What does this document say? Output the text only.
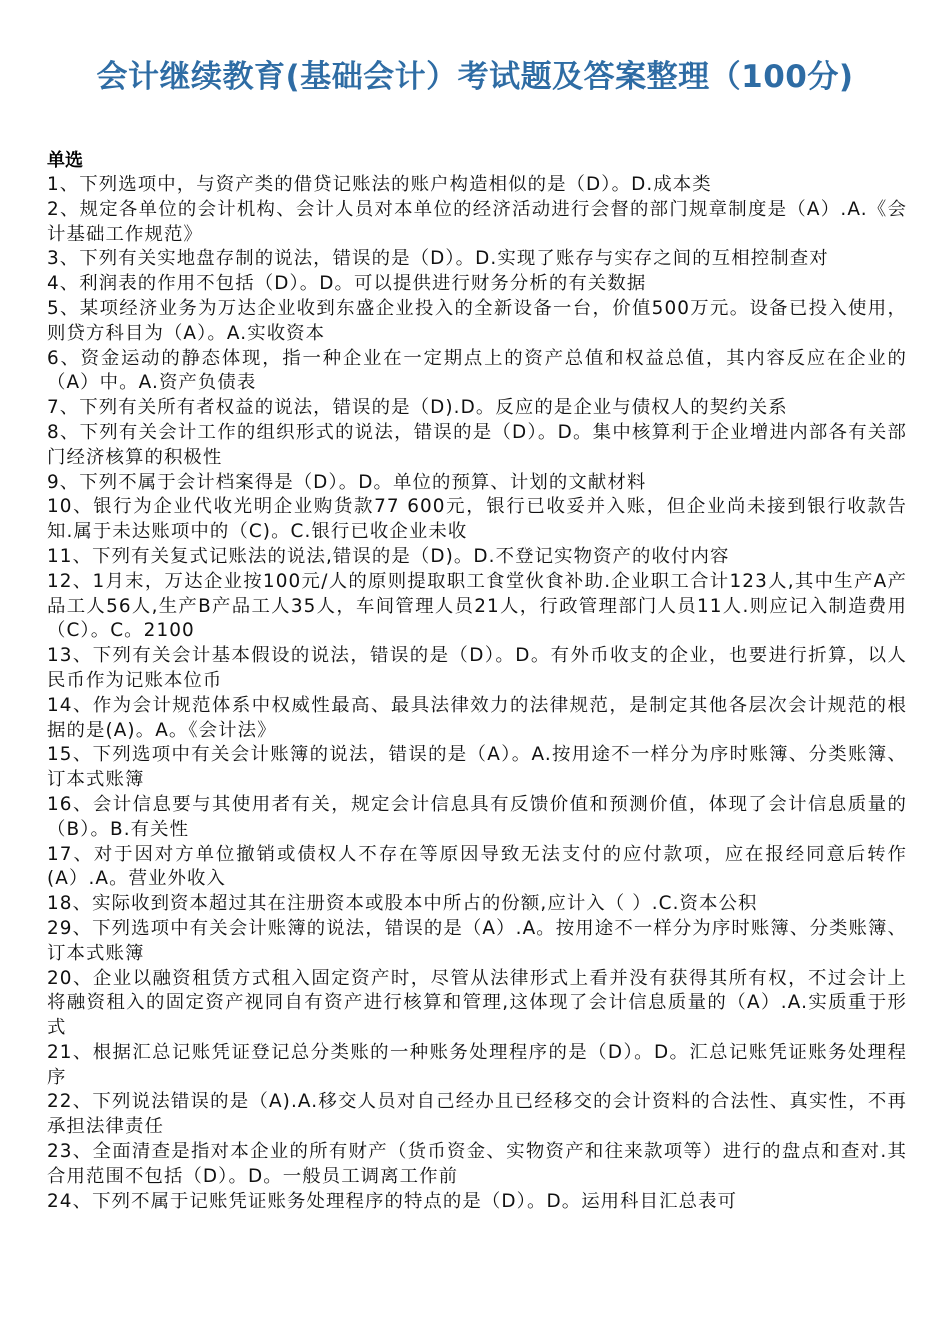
会计继续教育(基础会计）考试题及答案整理（100分)
单选

1、下列选项中，与资产类的借贷记账法的账户构造相似的是（D）。D.成本类

2、规定各单位的会计机构、会计人员对本单位的经济活动进行会督的部门规章制度是（A）.A.《会计基础工作规范》

3、下列有关实地盘存制的说法，错误的是（D）。D.实现了账存与实存之间的互相控制查对

4、利润表的作用不包括（D）。D。可以提供进行财务分析的有关数据

5、某项经济业务为万达企业收到东盛企业投入的全新设备一台，价值500万元。设备已投入使用，则贷方科目为（A）。A.实收资本

6、资金运动的静态体现，指一种企业在一定期点上的资产总值和权益总值，其内容反应在企业的（A）中。A.资产负债表

7、下列有关所有者权益的说法，错误的是（D).D。反应的是企业与债权人的契约关系

8、下列有关会计工作的组织形式的说法，错误的是（D）。D。集中核算利于企业增进内部各有关部门经济核算的积极性

9、下列不属于会计档案得是（D）。D。单位的预算、计划的文献材料

10、银行为企业代收光明企业购货款77 600元，银行已收妥并入账，但企业尚未接到银行收款告知.属于未达账项中的（C)。C.银行已收企业未收

11、下列有关复式记账法的说法,错误的是（D)。D.不登记实物资产的收付内容

12、1月末，万达企业按100元/人的原则提取职工食堂伙食补助.企业职工合计123人,其中生产A产品工人56人,生产B产品工人35人，车间管理人员21人，行政管理部门人员11人.则应记入制造费用（C）。C。2100

13、下列有关会计基本假设的说法，错误的是（D）。D。有外币收支的企业，也要进行折算，以人民币作为记账本位币

14、作为会计规范体系中权威性最高、最具法律效力的法律规范，是制定其他各层次会计规范的根据的是(A)。A。《会计法》

15、下列选项中有关会计账簿的说法，错误的是（A）。A.按用途不一样分为序时账簿、分类账簿、订本式账簿

16、会计信息要与其使用者有关，规定会计信息具有反馈价值和预测价值，体现了会计信息质量的（B）。B.有关性

17、对于因对方单位撤销或债权人不存在等原因导致无法支付的应付款项，应在报经同意后转作(A）.A。营业外收入

18、实际收到资本超过其在注册资本或股本中所占的份额,应计入（ ）.C.资本公积

29、下列选项中有关会计账簿的说法，错误的是（A）.A。按用途不一样分为序时账簿、分类账簿、订本式账簿

20、企业以融资租赁方式租入固定资产时，尽管从法律形式上看并没有获得其所有权，不过会计上将融资租入的固定资产视同自有资产进行核算和管理,这体现了会计信息质量的（A）.A.实质重于形式

21、根据汇总记账凭证登记总分类账的一种账务处理程序的是（D）。D。汇总记账凭证账务处理程序

22、下列说法错误的是（A).A.移交人员对自己经办且已经移交的会计资料的合法性、真实性，不再承担法律责任

23、全面清查是指对本企业的所有财产（货币资金、实物资产和往来款项等）进行的盘点和查对.其合用范围不包括（D）。D。一般员工调离工作前

24、下列不属于记账凭证账务处理程序的特点的是（D）。D。运用科目汇总表可
